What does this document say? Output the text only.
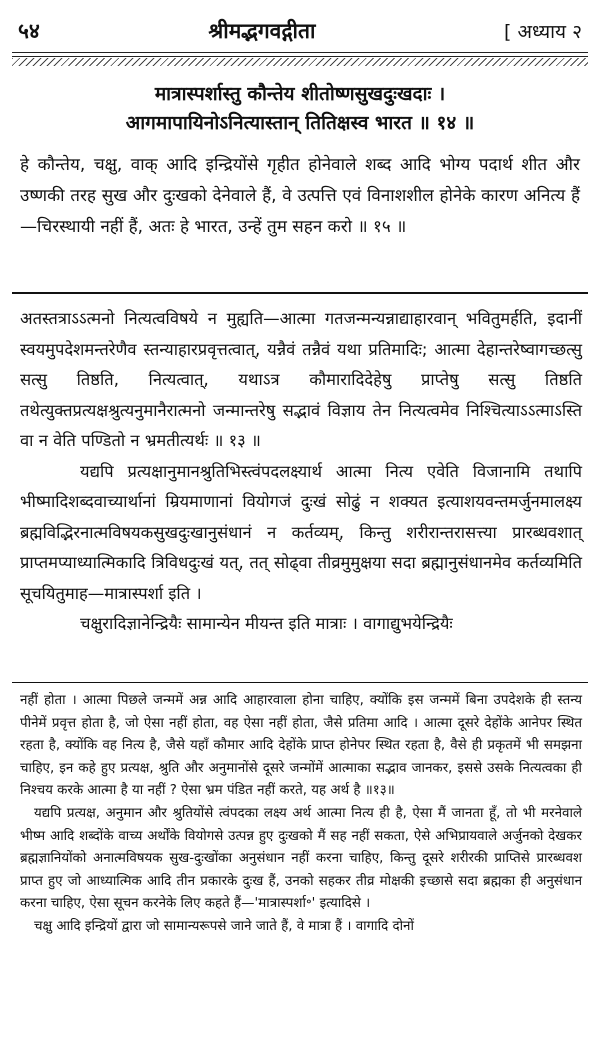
५४	श्रीमद्भगवद्गीता	[ अध्याय २

मात्रास्पर्शास्तु कौन्तेय शीतोष्णसुखदुःखदाः ।

आगमापायिनोऽनित्यास्तान् तितिक्षस्व भारत ॥ १४ ॥

हे कौन्तेय, चक्षु, वाक् आदि इन्द्रियोंसे गृहीत होनेवाले शब्द आदि भोग्य पदार्थ शीत और उष्णकी तरह सुख और दुःखको देनेवाले हैं, वे उत्पत्ति एवं विनाशशील होनेके कारण अनित्य हैं—चिरस्थायी नहीं हैं, अतः हे भारत, उन्हें तुम सहन करो ॥ १५ ॥

अतस्तत्राऽऽत्मनो नित्यत्वविषये न मुह्यति—आत्मा गतजन्मन्यन्नाद्याहारवान् भवितुमर्हति, इदानीं स्वयमुपदेशमन्तरेणैव स्तन्याहारप्रवृत्तत्वात्, यन्नैवं तन्नैवं यथा प्रतिमादिः; आत्मा देहान्तरेष्वागच्छत्सु सत्सु तिष्ठति, नित्यत्वात्, यथाऽत्र कौमारादिदेहेषु प्राप्तेषु सत्सु तिष्ठति तथेत्युक्तप्रत्यक्षश्रुत्यनुमानैरात्मनो जन्मान्तरेषु सद्भावं विज्ञाय तेन नित्यत्वमेव निश्चित्याऽऽत्माऽस्ति वा न वेति पण्डितो न भ्रमतीत्यर्थः ॥ १३ ॥

यद्यपि प्रत्यक्षानुमानश्रुतिभिस्त्वंपदलक्ष्यार्थ आत्मा नित्य एवेति विजानामि तथापि भीष्मादिशब्दवाच्यार्थानां म्रियमाणानां वियोगजं दुःखं सोढुं न शक्यत इत्याशयवन्तमर्जुनमालक्ष्य ब्रह्मविद्भिरनात्मविषयकसुखदुःखानुसंधानं न कर्तव्यम्, किन्तु शरीरान्तरासत्त्या प्रारब्धवशात् प्राप्तमप्याध्यात्मिकादि त्रिविधदुःखं यत्, तत् सोढ्वा तीव्रमुमुक्षया सदा ब्रह्मानुसंधानमेव कर्तव्यमिति सूचयितुमाह—मात्रास्पर्शा इति ।

चक्षुरादिज्ञानेन्द्रियैः सामान्येन मीयन्त इति मात्राः । वागाद्युभयेन्द्रियैः

नहीं होता । आत्मा पिछले जन्ममें अन्न आदि आहारवाला होना चाहिए, क्योंकि इस जन्ममें बिना उपदेशके ही स्तन्य पीनेमें प्रवृत्त होता है, जो ऐसा नहीं होता, वह ऐसा नहीं होता, जैसे प्रतिमा आदि । आत्मा दूसरे देहोंके आनेपर स्थित रहता है, क्योंकि वह नित्य है, जैसे यहाँ कौमार आदि देहोंके प्राप्त होनेपर स्थित रहता है, वैसे ही प्रकृतमें भी समझना चाहिए, इन कहे हुए प्रत्यक्ष, श्रुति और अनुमानोंसे दूसरे जन्मोंमें आत्माका सद्भाव जानकर, इससे उसके नित्यत्वका ही निश्चय करके आत्मा है या नहीं ? ऐसा भ्रम पंडित नहीं करते, यह अर्थ है ॥१३॥

यद्यपि प्रत्यक्ष, अनुमान और श्रुतियोंसे त्वंपदका लक्ष्य अर्थ आत्मा नित्य ही है, ऐसा मैं जानता हूँ, तो भी मरनेवाले भीष्म आदि शब्दोंके वाच्य अर्थोंके वियोगसे उत्पन्न हुए दुःखको मैं सह नहीं सकता, ऐसे अभिप्रायवाले अर्जुनको देखकर ब्रह्मज्ञानियोंको अनात्मविषयक सुख-दुःखोंका अनुसंधान नहीं करना चाहिए, किन्तु दूसरे शरीरकी प्राप्तिसे प्रारब्धवश प्राप्त हुए जो आध्यात्मिक आदि तीन प्रकारके दुःख हैं, उनको सहकर तीव्र मोक्षकी इच्छासे सदा ब्रह्मका ही अनुसंधान करना चाहिए, ऐसा सूचन करनेके लिए कहते हैं—'मात्रास्पर्शा॰' इत्यादिसे ।

चक्षु आदि इन्द्रियों द्वारा जो सामान्यरूपसे जाने जाते हैं, वे मात्रा हैं । वागादि दोनों
